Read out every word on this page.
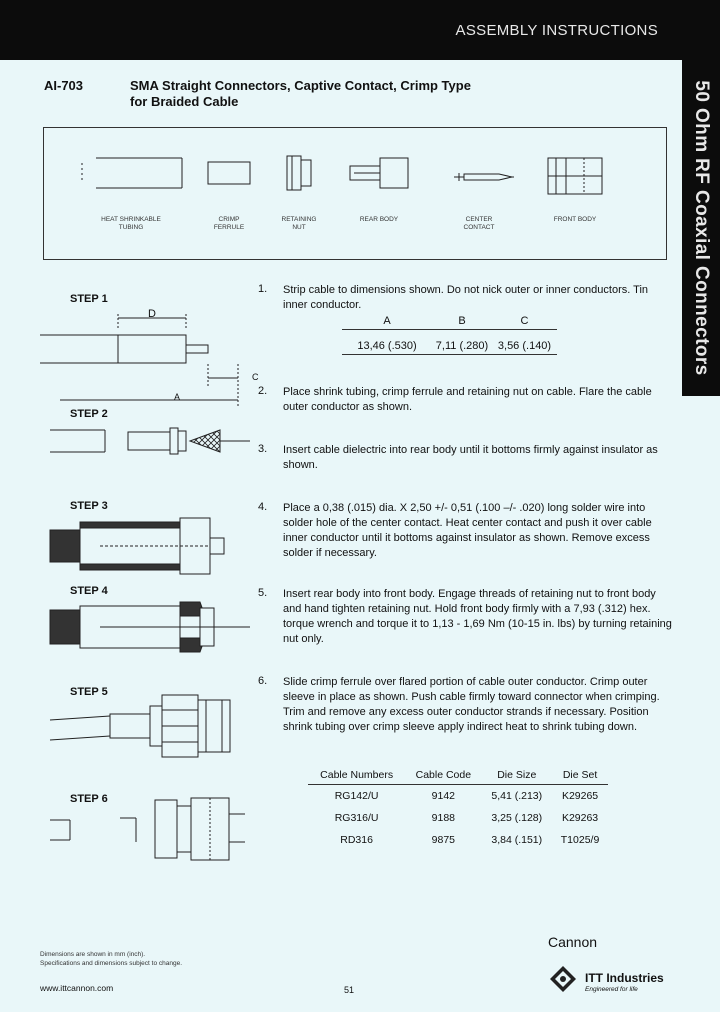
ASSEMBLY INSTRUCTIONS
50 Ohm RF Coaxial Connectors
AI-703	SMA Straight Connectors, Captive Contact, Crimp Type
for Braided Cable
HEAT SHRINKABLE
TUBING
CRIMP
FERRULE
RETAINING
NUT
REAR BODY	CENTER
CONTACT
FRONT BODY
D
C
A
STEP 1
STEP 2
STEP 3
STEP 4
STEP 5
STEP 6
1. Strip cable to dimensions shown. Do not nick outer or inner conductors. Tin inner conductor.
A	B	C
13,46 (.530)	7,11 (.280) 3,56 (.140)
2. Place shrink tubing, crimp ferrule and retaining nut on cable. Flare the cable outer conductor as shown.
3. Insert cable dielectric into rear body until it bottoms firmly against insulator as shown.
4. Place a 0,38 (.015) dia. X 2,50 +/- 0,51 (.100 –/- .020) long solder wire into solder hole of the center contact. Heat center contact and push it over cable inner conductor until it bottoms against insulator as shown. Remove excess solder if necessary.
5. Insert rear body into front body. Engage threads of retaining nut to front body and hand tighten retaining nut. Hold front body firmly with a 7,93 (.312) hex. torque wrench and torque it to 1,13 - 1,69 Nm (10-15 in. lbs) by turning retaining nut only.
6. Slide crimp ferrule over flared portion of cable outer conductor. Crimp outer sleeve in place as shown. Push cable firmly toward connector when crimping. Trim and remove any excess outer conductor strands if necessary. Position shrink tubing over crimp sleeve apply indirect heat to shrink tubing down.
Cable Numbers	Cable Code	Die Size	Die Set
RG142/U	9142	5,41 (.213)	K29265
RG316/U	9188	3,25 (.128)	K29263
RD316	9875	3,84 (.151)	T1025/9
Dimensions are shown in mm (inch).
Specifications and dimensions subject to change.
www.ittcannon.com	51
Cannon
ITT Industries
Engineered for life
